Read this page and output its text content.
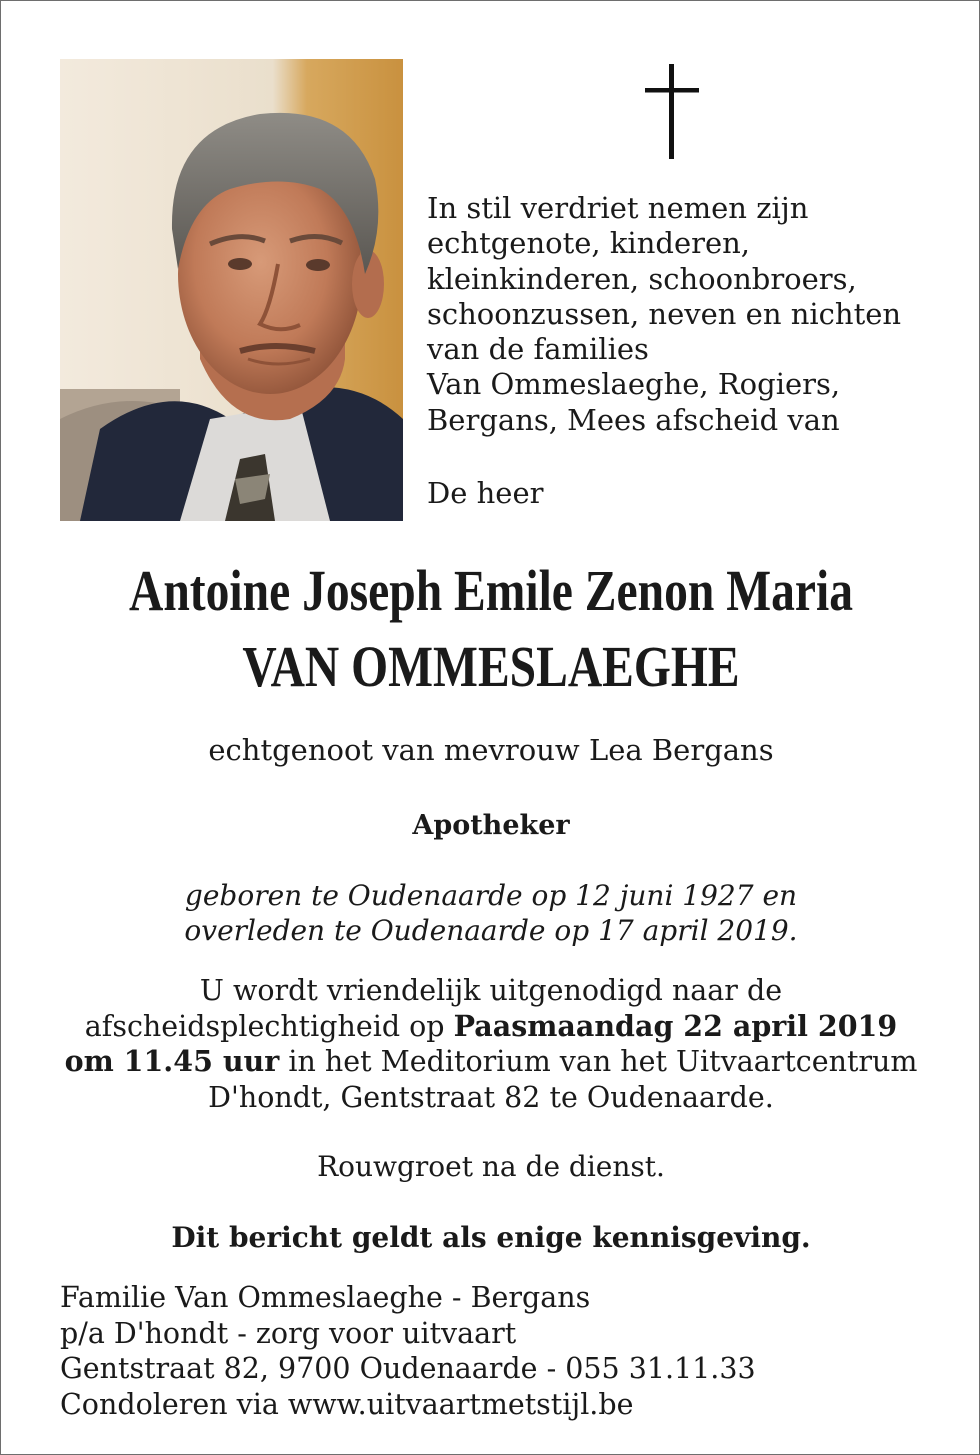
In stil verdriet nemen zijn
echtgenote, kinderen,
kleinkinderen, schoonbroers,
schoonzussen, neven en nichten
van de families
Van Ommeslaeghe, Rogiers,
Bergans, Mees afscheid van

De heer

Antoine Joseph Emile Zenon Maria
VAN OMMESLAEGHE
echtgenoot van mevrouw Lea Bergans
Apotheker
geboren te Oudenaarde op 12 juni 1927 en
overleden te Oudenaarde op 17 april 2019.
U wordt vriendelijk uitgenodigd naar de
afscheidsplechtigheid op Paasmaandag 22 april 2019
om 11.45 uur in het Meditorium van het Uitvaartcentrum
D'hondt, Gentstraat 82 te Oudenaarde.
Rouwgroet na de dienst.
Dit bericht geldt als enige kennisgeving.
Familie Van Ommeslaeghe - Bergans
p/a D'hondt - zorg voor uitvaart
Gentstraat 82, 9700 Oudenaarde - 055 31.11.33
Condoleren via www.uitvaartmetstijl.be
